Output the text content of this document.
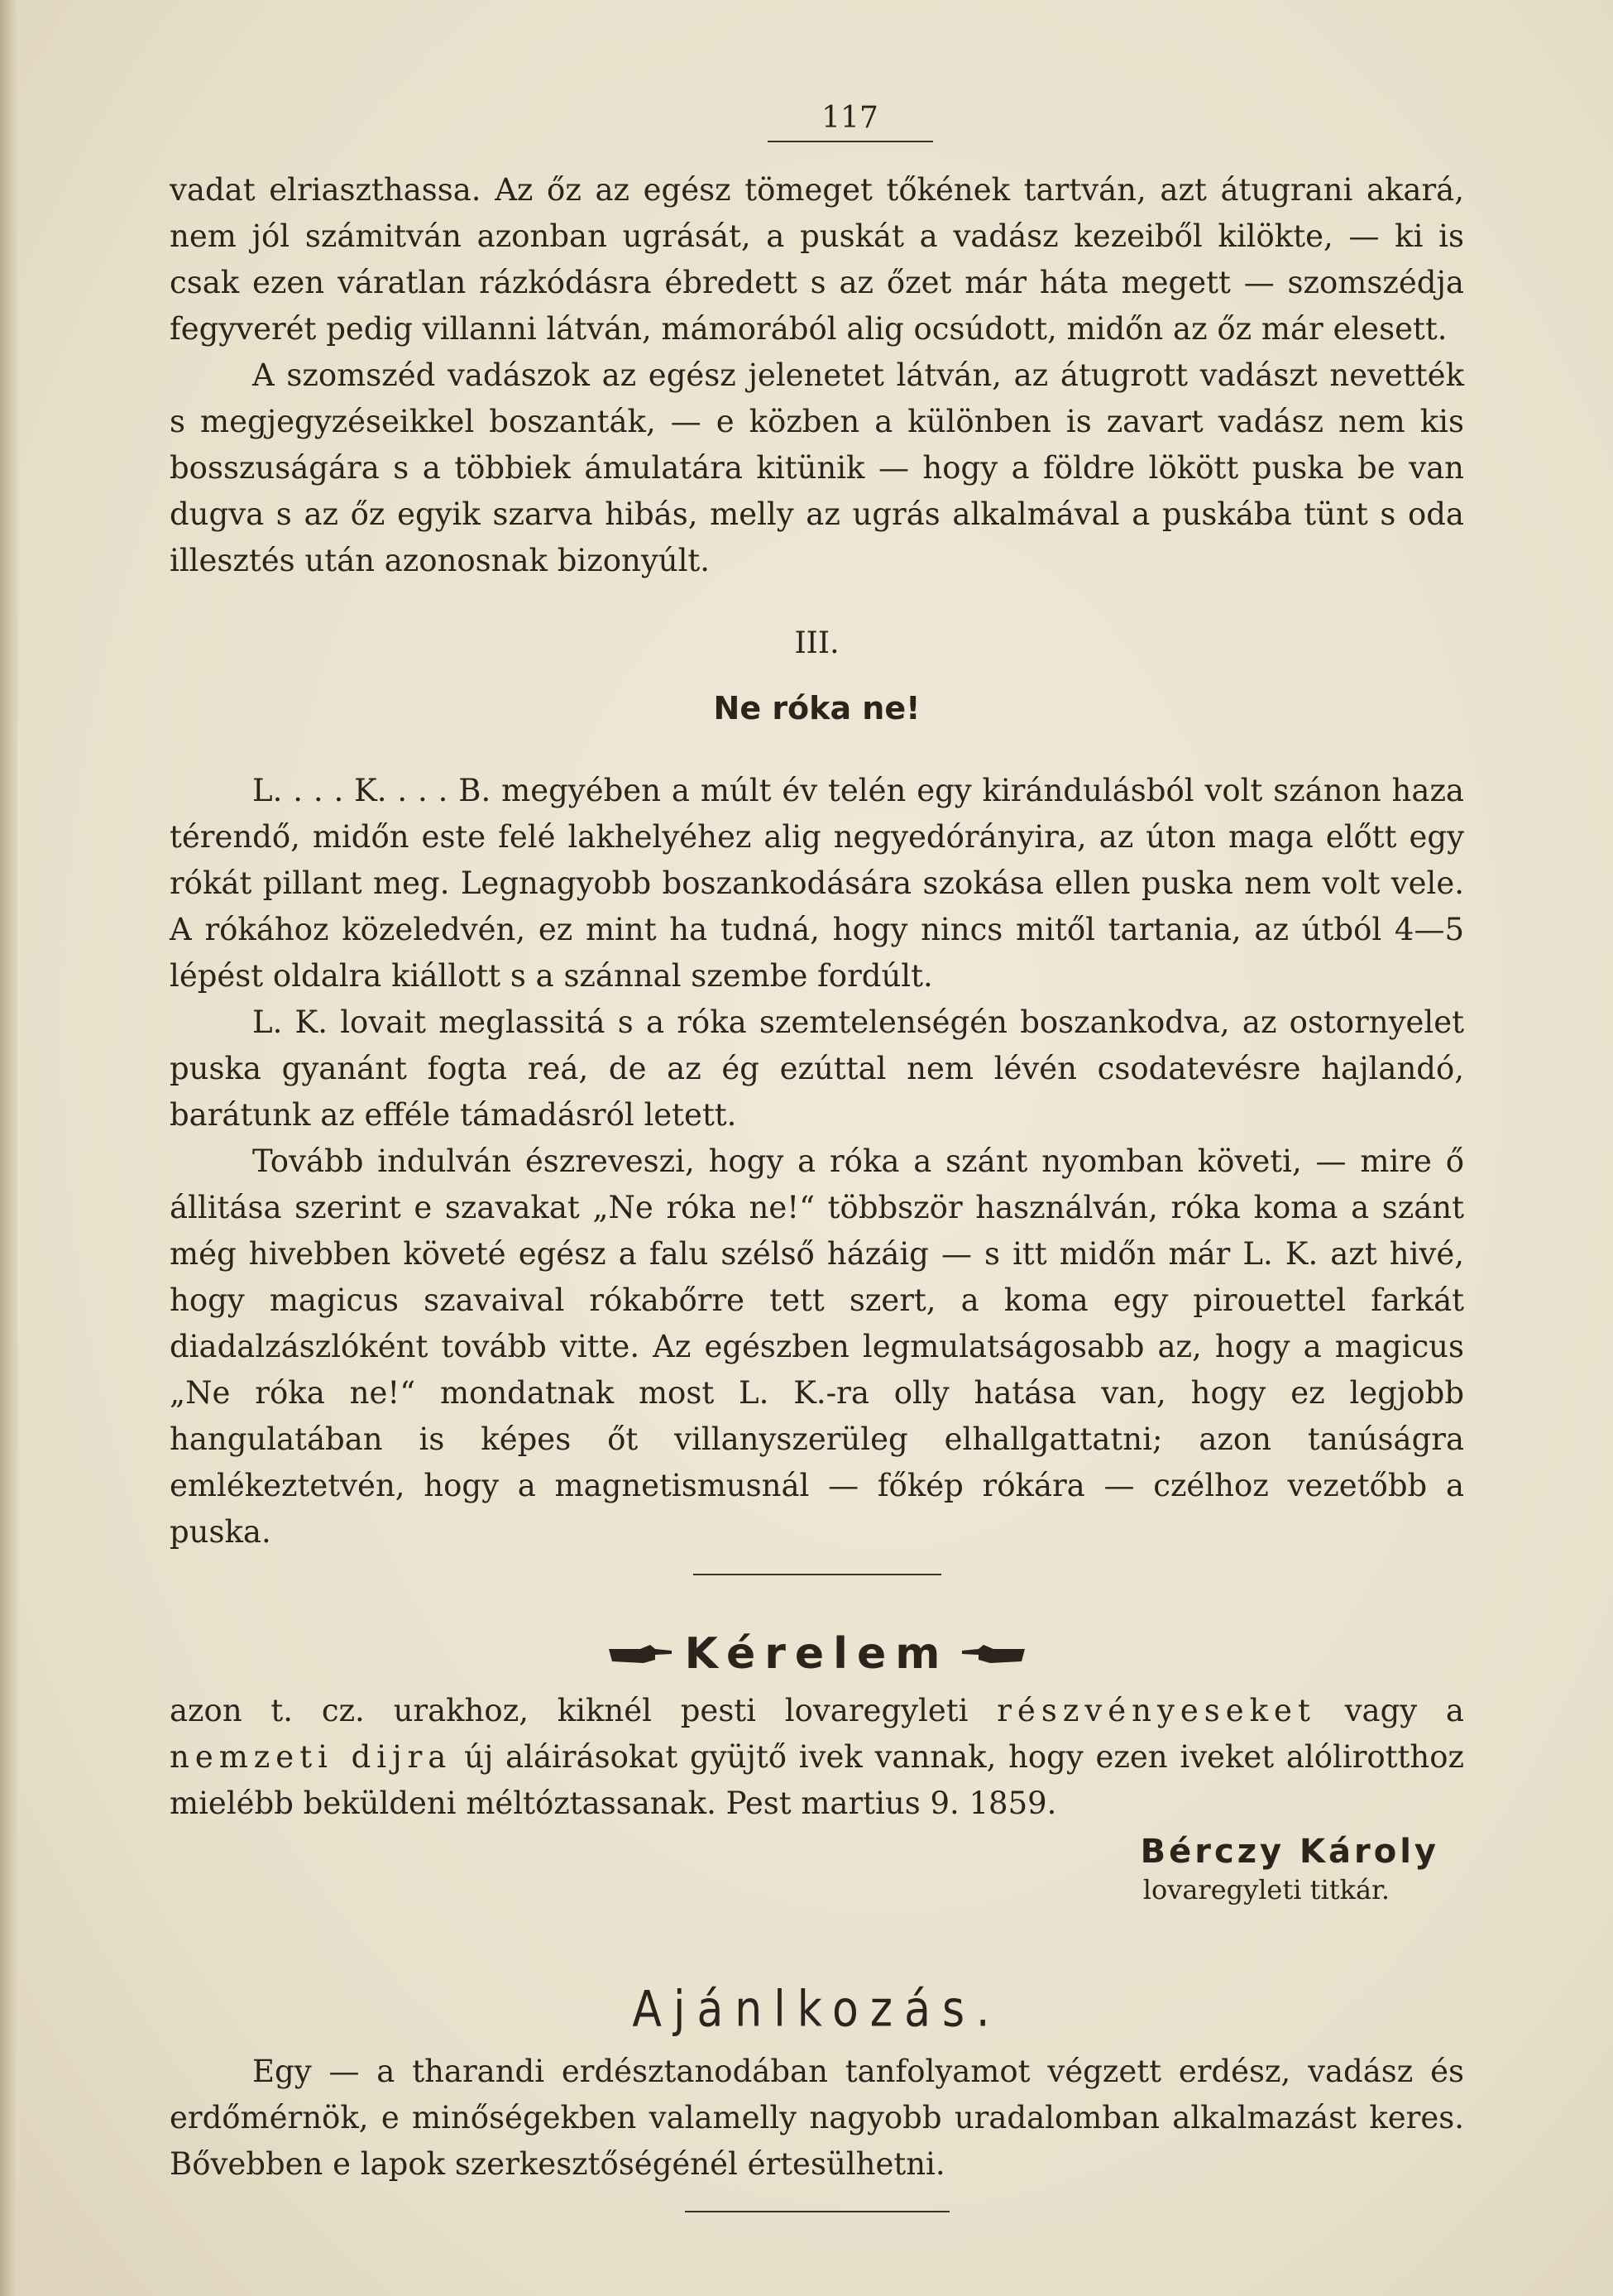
117

vadat elriaszthassa. Az őz az egész tömeget tőkének tartván, azt átugrani akará, nem jól számitván azonban ugrását, a puskát a vadász kezeiből kilökte, — ki is csak ezen váratlan rázkódásra ébredett s az őzet már háta megett — szomszédja fegyverét pedig villanni látván, mámorából alig ocsúdott, midőn az őz már elesett.

A szomszéd vadászok az egész jelenetet látván, az átugrott vadászt nevették s megjegyzéseikkel boszanták, — e közben a különben is zavart vadász nem kis bosszuságára s a többiek ámulatára kitünik — hogy a földre lökött puska be van dugva s az őz egyik szarva hibás, melly az ugrás alkalmával a puskába tünt s oda illesztés után azonosnak bizonyúlt.

III.
Ne róka ne!

L. . . . K. . . . B. megyében a múlt év telén egy kirándulásból volt szánon haza térendő, midőn este felé lakhelyéhez alig negyedórányira, az úton maga előtt egy rókát pillant meg. Legnagyobb boszankodására szokása ellen puska nem volt vele. A rókához közeledvén, ez mint ha tudná, hogy nincs mitől tartania, az útból 4—5 lépést oldalra kiállott s a szánnal szembe fordúlt.

L. K. lovait meglassitá s a róka szemtelenségén boszankodva, az ostornyelet puska gyanánt fogta reá, de az ég ezúttal nem lévén csodatevésre hajlandó, barátunk az efféle támadásról letett.

Tovább indulván észreveszi, hogy a róka a szánt nyomban követi, — mire ő állitása szerint e szavakat „Ne róka ne!“ többször használván, róka koma a szánt még hivebben követé egész a falu szélső házáig — s itt midőn már L. K. azt hivé, hogy magicus szavaival rókabőrre tett szert, a koma egy pirouettel farkát diadalzászlóként tovább vitte. Az egészben legmulatságosabb az, hogy a magicus „Ne róka ne!“ mondatnak most L. K.-ra olly hatása van, hogy ez legjobb hangulatában is képes őt villanyszerüleg elhallgattatni; azon tanúságra emlékeztetvén, hogy a magnetismusnál — főkép rókára — czélhoz vezetőbb a puska.

Kérelem

azon t. cz. urakhoz, kiknél pesti lovaregyleti részvényeseket vagy a nemzeti dijra új aláirásokat gyüjtő ivek vannak, hogy ezen iveket alólirotthoz mielébb beküldeni méltóztassanak. Pest martius 9. 1859.

Bérczy Károly
lovaregyleti titkár.
Ajánlkozás.

Egy — a tharandi erdésztanodában tanfolyamot végzett erdész, vadász és erdőmérnök, e minőségekben valamelly nagyobb uradalomban alkalmazást keres. Bővebben e lapok szerkesztőségénél értesülhetni.
